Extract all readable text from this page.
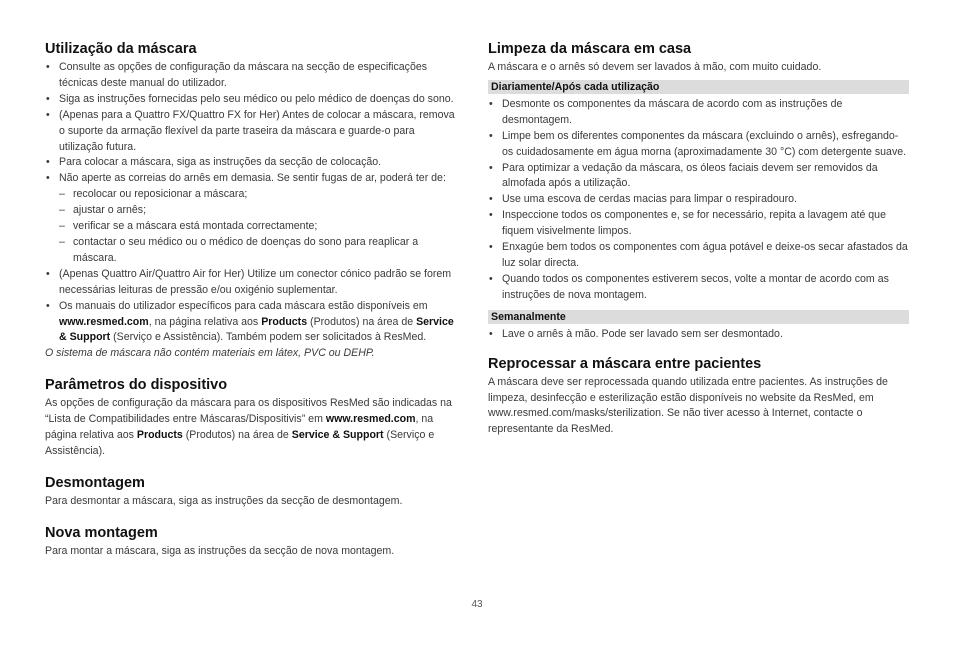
Utilização da máscara
• Consulte as opções de configuração da máscara na secção de especificações técnicas deste manual do utilizador.
• Siga as instruções fornecidas pelo seu médico ou pelo médico de doenças do sono.
• (Apenas para a Quattro FX/Quattro FX for Her) Antes de colocar a máscara, remova o suporte da armação flexível da parte traseira da máscara e guarde-o para utilização futura.
• Para colocar a máscara, siga as instruções da secção de colocação.
• Não aperte as correias do arnês em demasia. Se sentir fugas de ar, poderá ter de:
– recolocar ou reposicionar a máscara;
– ajustar o arnês;
– verificar se a máscara está montada correctamente;
– contactar o seu médico ou o médico de doenças do sono para reaplicar a máscara.
• (Apenas Quattro Air/Quattro Air for Her) Utilize um conector cónico padrão se forem necessárias leituras de pressão e/ou oxigénio suplementar.
• Os manuais do utilizador específicos para cada máscara estão disponíveis em www.resmed.com, na página relativa aos Products (Produtos) na área de Service & Support (Serviço e Assistência). Também podem ser solicitados à ResMed.

O sistema de máscara não contém materiais em látex, PVC ou DEHP.

Parâmetros do dispositivo

As opções de configuração da máscara para os dispositivos ResMed são indicadas na “Lista de Compatibilidades entre Máscaras/Dispositivis” em www.resmed.com, na página relativa aos Products (Produtos) na área de Service & Support (Serviço e Assistência).

Desmontagem

Para desmontar a máscara, siga as instruções da secção de desmontagem.

Nova montagem

Para montar a máscara, siga as instruções da secção de nova montagem.

Limpeza da máscara em casa

A máscara e o arnês só devem ser lavados à mão, com muito cuidado.

Diariamente/Após cada utilização
• Desmonte os componentes da máscara de acordo com as instruções de desmontagem.
• Limpe bem os diferentes componentes da máscara (excluindo o arnês), esfregando-os cuidadosamente em água morna (aproximadamente 30 °C) com detergente suave.
• Para optimizar a vedação da máscara, os óleos faciais devem ser removidos da almofada após a utilização.
• Use uma escova de cerdas macias para limpar o respiradouro.
• Inspeccione todos os componentes e, se for necessário, repita a lavagem até que fiquem visivelmente limpos.
• Enxagúe bem todos os componentes com água potável e deixe-os secar afastados da luz solar directa.
• Quando todos os componentes estiverem secos, volte a montar de acordo com as instruções de nova montagem.
Semanalmente
• Lave o arnês à mão. Pode ser lavado sem ser desmontado.
Reprocessar a máscara entre pacientes

A máscara deve ser reprocessada quando utilizada entre pacientes. As instruções de limpeza, desinfecção e esterilização estão disponíveis no website da ResMed, em www.resmed.com/masks/sterilization. Se não tiver acesso à Internet, contacte o representante da ResMed.

43
